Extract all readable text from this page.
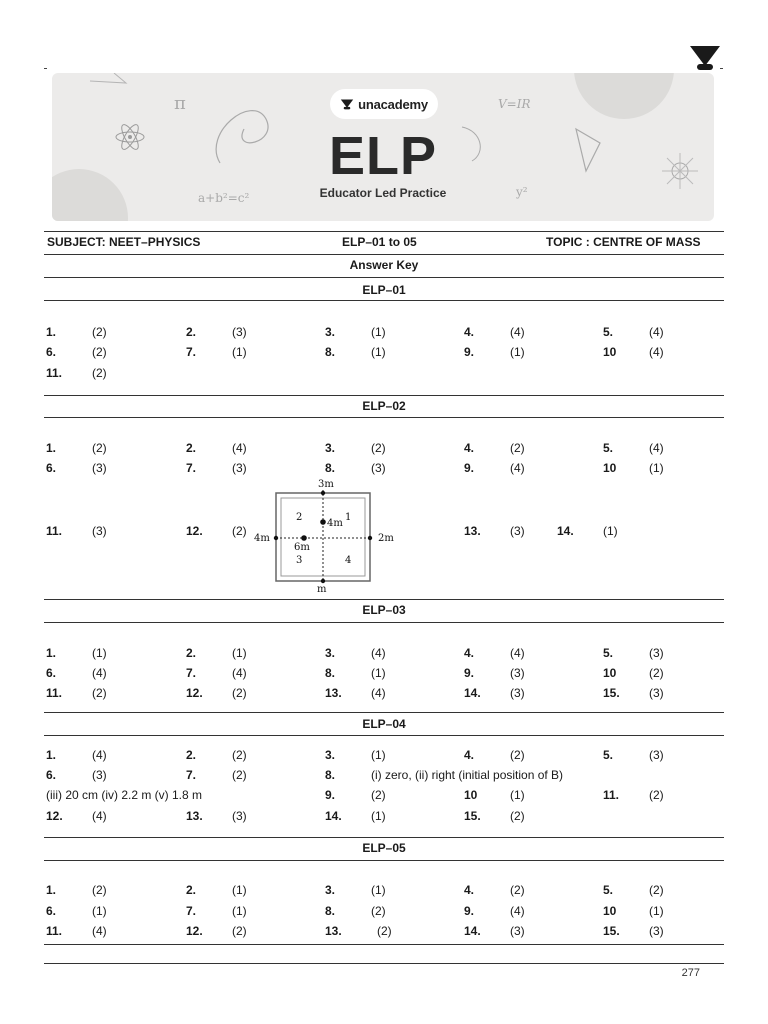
π	V=IR
a+b²=c²	y²
unacademy
ELP
Educator Led Practice
SUBJECT: NEET–PHYSICS	ELP–01 to 05	TOPIC : CENTRE OF MASS
Answer Key
ELP–01
1.	(2)	2.	(3)	3.	(1)	4.	(4)	5.	(4)
6.	(2)	7.	(1)	8.	(1)	9.	(1)	10	(4)
11. (2)
ELP–02
1.	(2)	2.	(4)	3.	(2)	4.	(2)	5.	(4)
6.	(3)	7.	(3)	8.	(3)	9.	(4)	10	(1)
11. (3)	12. (2)	13. (3)	14. (1)
3m
4m	2m
m
4m
6m
2	1
3	4
ELP–03
1.	(1)	2.	(1)	3.	(4)	4.	(4)	5.	(3)
6.	(4)	7.	(4)	8.	(1)	9.	(3)	10	(2)
11. (2)	12. (2)	13. (4)	14. (3)	15. (3)
ELP–04
1.	(4)	2.	(2)	3.	(1)	4.	(2)	5.	(3)
6.	(3)	7.	(2)	8.	(i) zero, (ii) right (initial position of B)
(iii) 20 cm (iv) 2.2 m (v) 1.8 m	9.	(2)	10	(1)	11. (2)
12. (4)	13. (3)	14. (1)	15. (2)
ELP–05
1.	(2)	2.	(1)	3.	(1)	4.	(2)	5.	(2)
6.	(1)	7.	(1)	8.	(2)	9.	(4)	10	(1)
11. (4)	12. (2)	13.	(2)	14. (3)	15. (3)
277
